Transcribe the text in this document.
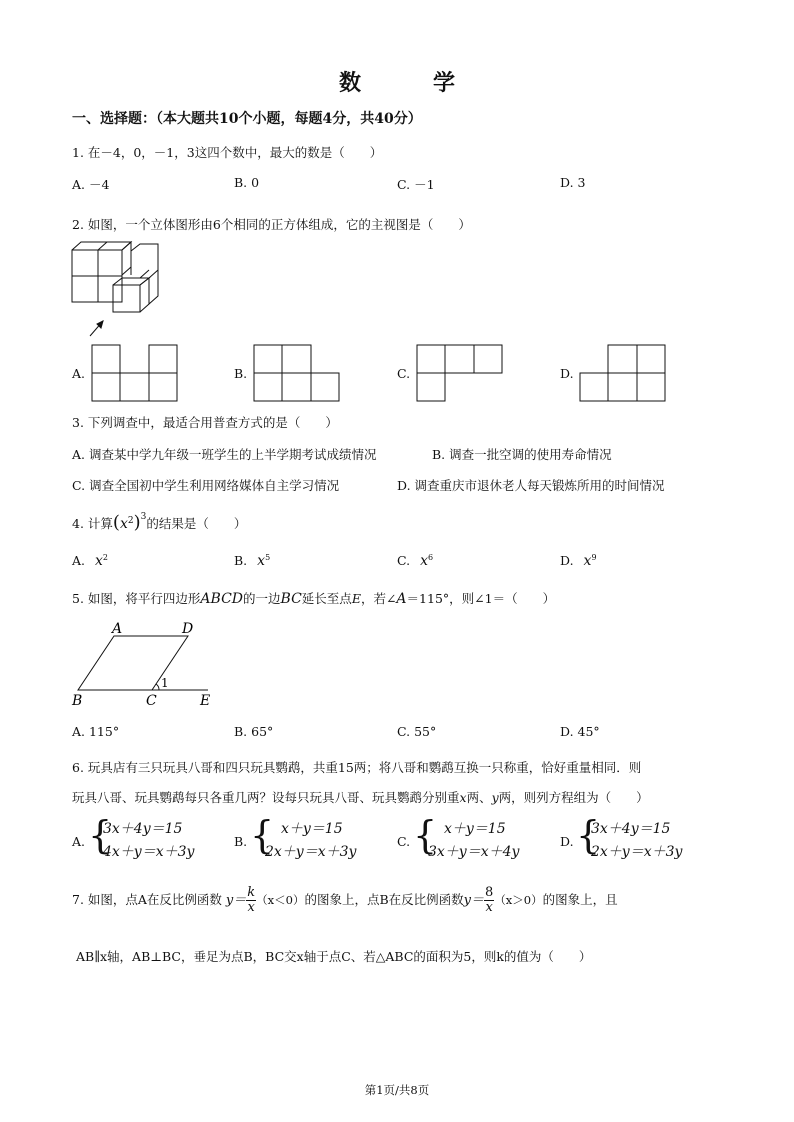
数	学
一、选择题：（本大题共10个小题，每题4分，共40分）
1. 在－4，0，－1，3这四个数中，最大的数是（　　）
A. －4	B. 0	C. －1	D. 3
2. 如图，一个立体图形由6个相同的正方体组成，它的主视图是（　　）
A.	B.	C.	D.
3. 下列调查中，最适合用普查方式的是（　　）
A. 调查某中学九年级一班学生的上半学期考试成绩情况	B. 调查一批空调的使用寿命情况
C. 调查全国初中学生利用网络媒体自主学习情况	D. 调查重庆市退休老人每天锻炼所用的时间情况
4. 计算$(x^2)^3$的结果是（　　）
A. $x^2$	B. $x^5$	C. $x^6$	D. $x^9$
5. 如图，将平行四边形ABCD的一边BC延长至点E，若∠A＝115°，则∠1＝（　　）
A	D
B	C	E
1
A. 115°	B. 65°	C. 55°	D. 45°
6. 玩具店有三只玩具八哥和四只玩具鹦鹉，共重15两；将八哥和鹦鹉互换一只称重，恰好重量相同．则
玩具八哥、玩具鹦鹉每只各重几两？设每只玩具八哥、玩具鹦鹉分别重x两、y两，则列方程组为（　　）
A. {
3x＋4y＝15
4x＋y＝x＋3y
B. { x＋y＝15
2x＋y＝x＋3y
C. { x＋y＝15
3x＋y＝x＋4y
D. {
3x＋4y＝15
2x＋y＝x＋3y
7. 如图，点A在反比例函数 $y= \frac{k}{x} (x<0)$的图象上，点B在反比例函数$y= \frac{8}{x} (x>0)$的图象上，且
AB∥x轴，AB⊥BC，垂足为点B，BC交x轴于点C、若△ABC的面积为5，则k的值为（　　）
第1页/共8页
